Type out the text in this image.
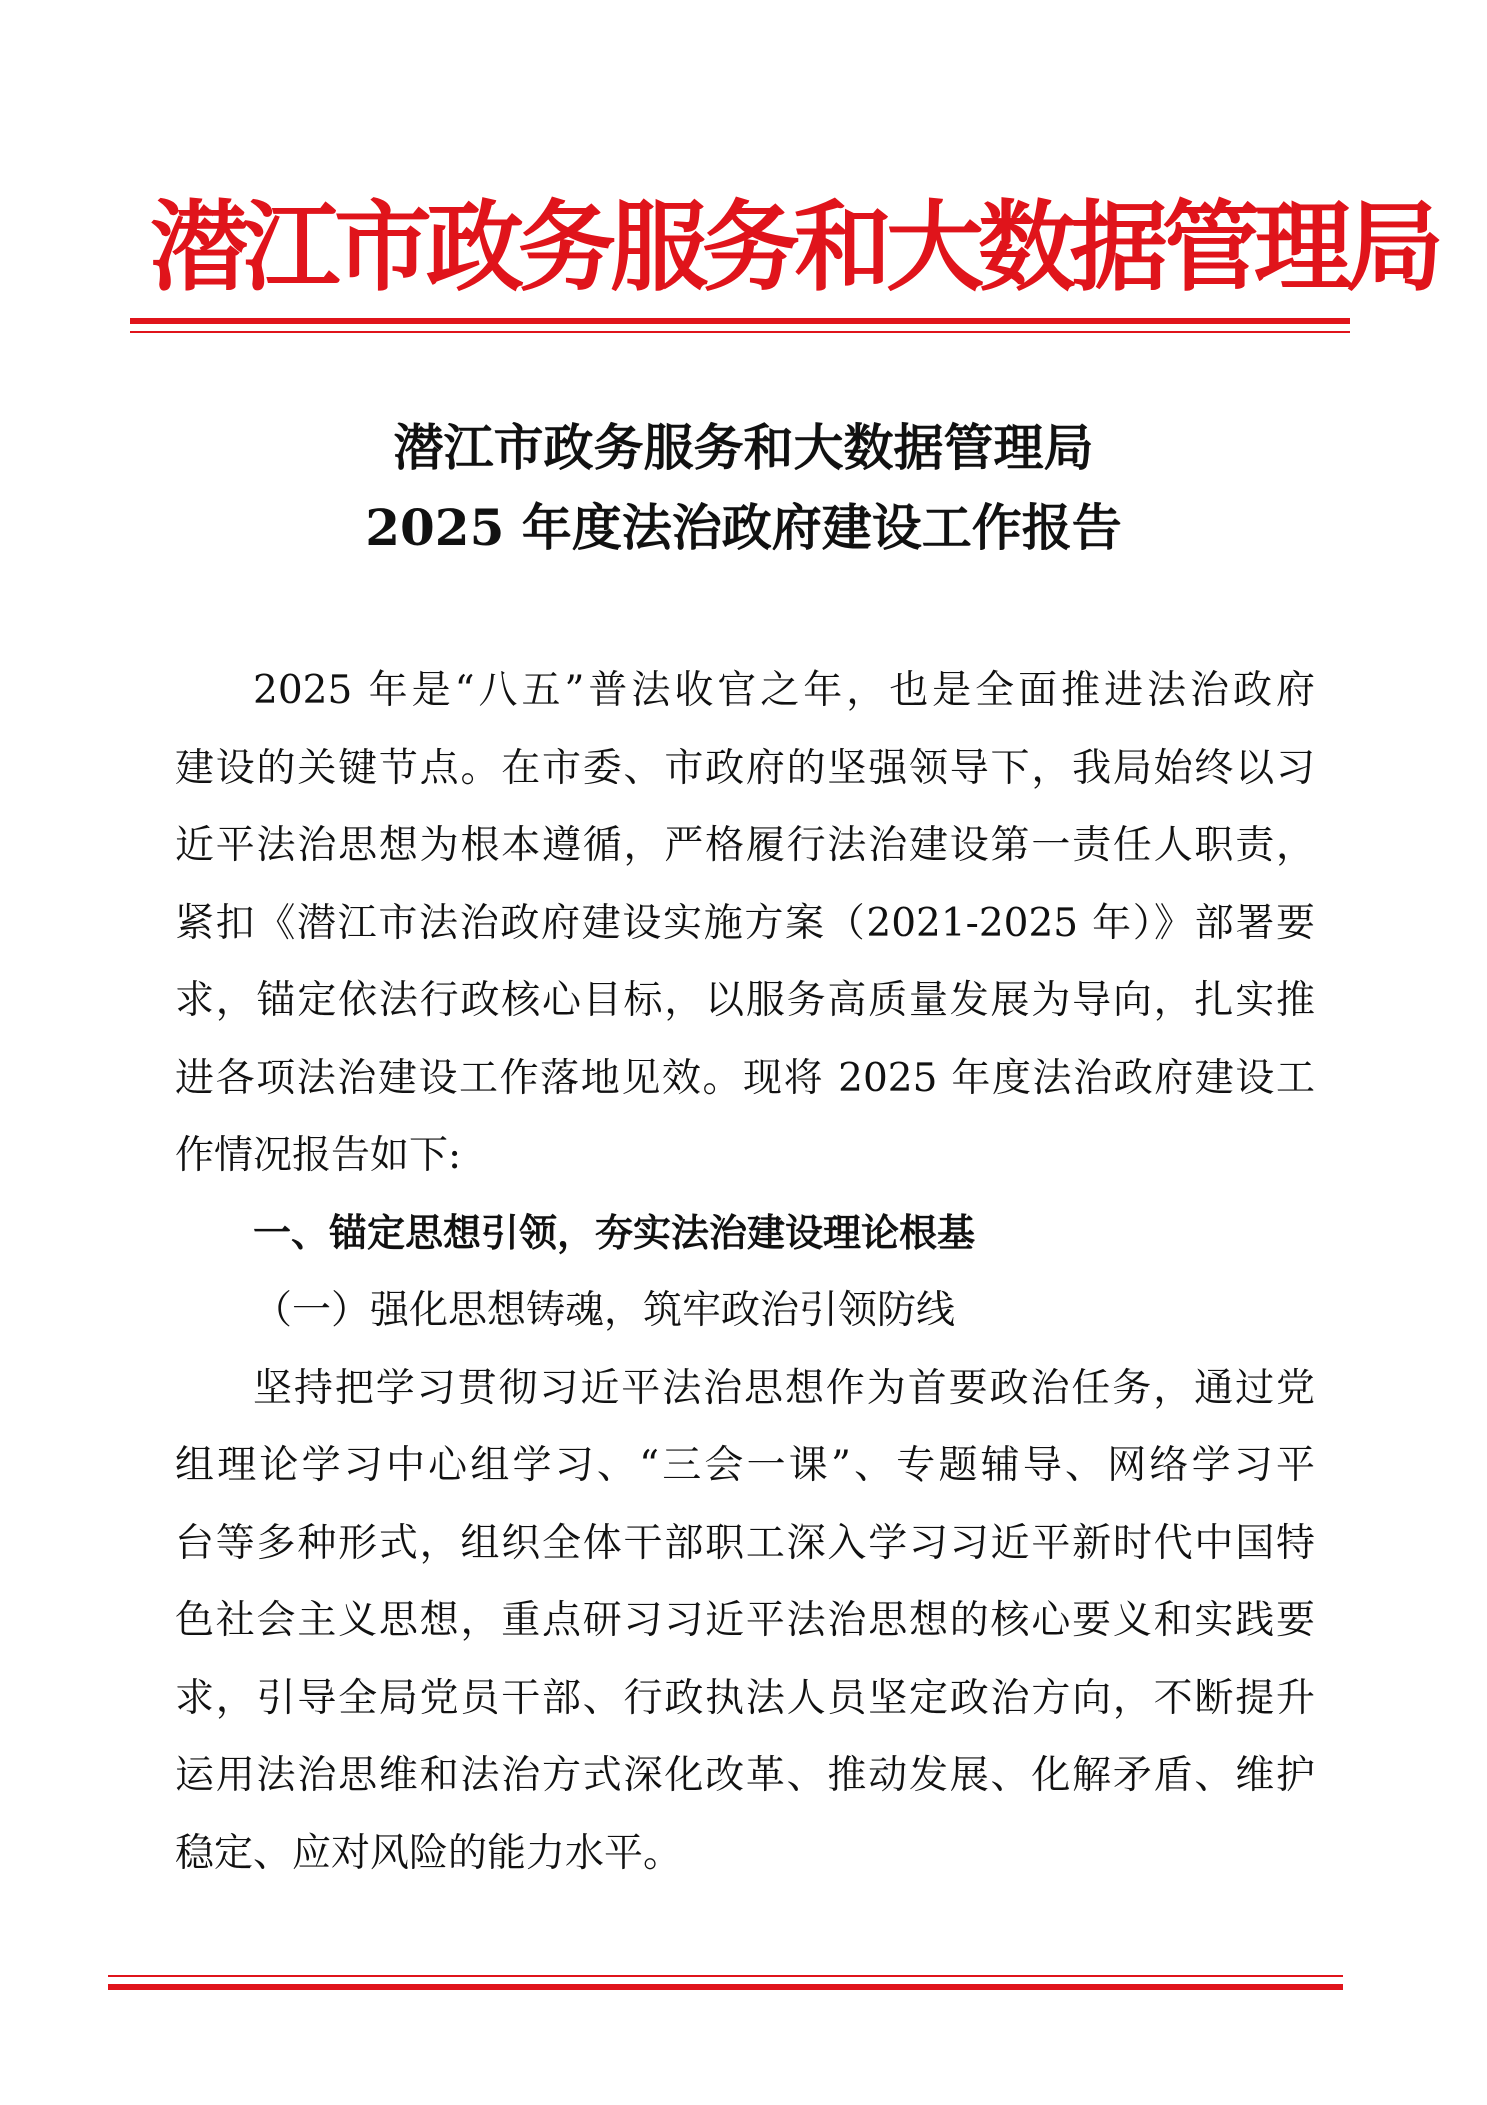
潜江市政务服务和大数据管理局
潜江市政务服务和大数据管理局
2025 年度法治政府建设工作报告
2025 年是“八五”普法收官之年，也是全面推进法治政府
建设的关键节点。在市委、市政府的坚强领导下，我局始终以习
近平法治思想为根本遵循，严格履行法治建设第一责任人职责，
紧扣《潜江市法治政府建设实施方案（2021-2025 年）》部署要
求，锚定依法行政核心目标，以服务高质量发展为导向，扎实推
进各项法治建设工作落地见效。现将 2025 年度法治政府建设工
作情况报告如下:
一、锚定思想引领，夯实法治建设理论根基
（一）强化思想铸魂，筑牢政治引领防线
坚持把学习贯彻习近平法治思想作为首要政治任务，通过党
组理论学习中心组学习、“三会一课”、专题辅导、网络学习平
台等多种形式，组织全体干部职工深入学习习近平新时代中国特
色社会主义思想，重点研习习近平法治思想的核心要义和实践要
求，引导全局党员干部、行政执法人员坚定政治方向，不断提升
运用法治思维和法治方式深化改革、推动发展、化解矛盾、维护
稳定、应对风险的能力水平。
